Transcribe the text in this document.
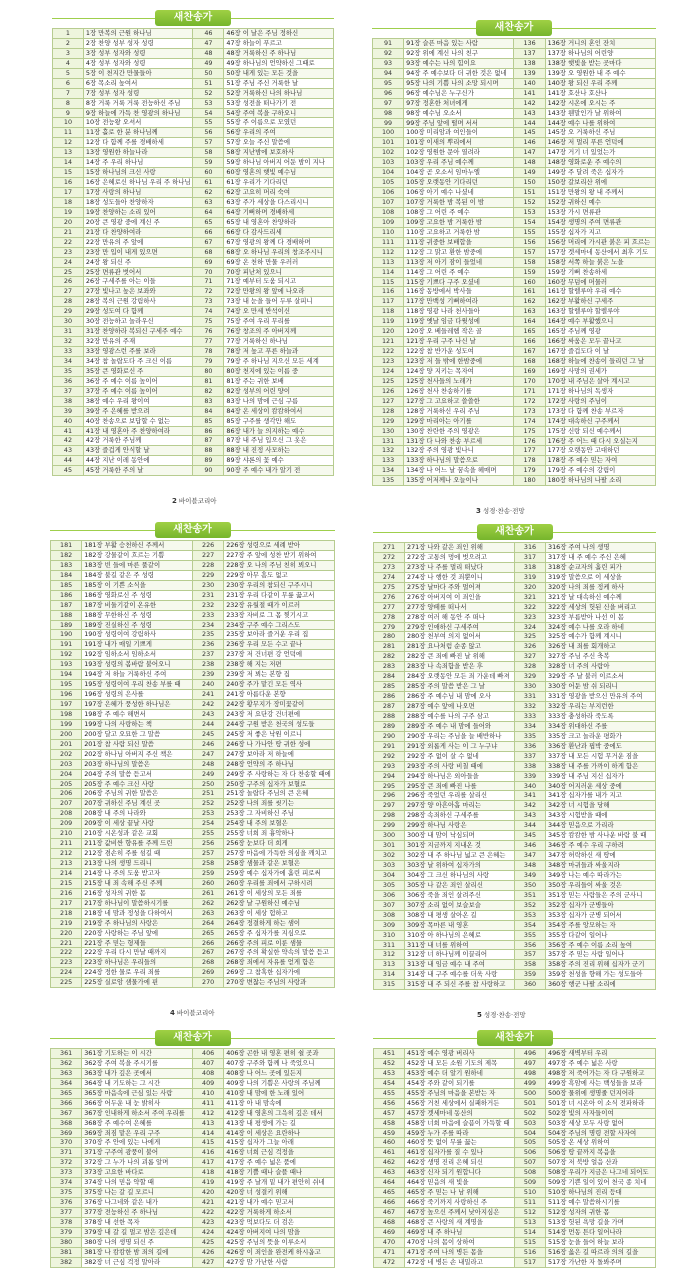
새찬송가
1	1장 만복의 근원 하나님	46	46장 이 날은 주님 정하신
2	2장 찬양 성부 성자 성령	47	47장 하늘이 푸르고
3	3장 성부 성자와 성령	48	48장 거룩하신 주 하나님
4	4장 성부 성자와 성령	49	49장 하나님의 언약하신 그때로
5	5장 이 천지간 만물들아	50	50장 내게 있는 모든 것을
6	6장 목소리 높여서	51	51장 주님 주신 거룩한 날
7	7장 성부 성자 성령	52	52장 거룩하신 나의 하나님
8	8장 거룩 거룩 거룩 전능하신 주님	53	53장 성전을 떠나가기 전
9	9장 하늘에 가득 찬 영광의 하나님	54	54장 주여 복을 구하오니
10	10장 전능왕 오셔서	55	55장 주 이름으로 모였던
11	11장 홀로 한 분 하나님께	56	56장 우리의 주여
12	12장 다 함께 주를 경배하세	57	57장 오늘 주신 말씀에
13	13장 영원한 하늘나라	58	58장 지난밤에 보호하사
14	14장 주 우리 하나님	59	59장 하나님 아버지 어둔 밤이 지나
15	15장 하나님의 크신 사랑	60	60장 영혼의 햇빛 예수님
16	16장 은혜로신 하나님 우리 주 하나님	61	61장 우리가 기다리던
17	17장 사랑의 하나님	62	62장 고요히 머리 숙여
18	18장 성도들아 찬양하자	63	63장 주가 세상을 다스리시니
19	19장 찬양하는 소리 있어	64	64장 기뻐하며 경배하세
20	20장 큰 영광 중에 계신 주	65	65장 내 영혼아 찬양하라
21	21장 다 찬양하여라	66	66장 다 감사드리세
22	22장 만유의 주 앞에	67	67장 영광의 왕께 다 경배하며
23	23장 만 입이 내게 있으면	68	68장 오 하나님 우리의 창조주시니
24	24장 왕 되신 주	69	69장 온 천하 만물 우러러
25	25장 면류관 벗어서	70	70장 피난처 있으니
26	26장 구세주를 아는 이들	71	71장 예부터 도움 되시고
27	27장 빛나고 높은 보좌와	72	72장 만왕의 왕 앞에 나오라
28	28장 복의 근원 강림하사	73	73장 내 눈을 들어 두루 살피니
29	29장 성도여 다 함께	74	74장 오 만세 반석이신
30	30장 전능하고 놀라우신	75	75장 주여 우리 무리를
31	31장 찬양하라 복되신 구세주 예수	76	76장 창조의 주 아버지께
32	32장 만유의 주재	77	77장 거룩하신 하나님
33	33장 영광스런 주를 보라	78	78장 저 높고 푸른 하늘과
34	34장 참 놀랍도다 주 크신 이름	79	79장 주 하나님 지으신 모든 세계
35	35장 큰 영화로신 주	80	80장 천지에 있는 이름 중
36	36장 주 예수 이름 높이어	81	81장 주는 귀한 보배
37	37장 주 예수 이름 높이어	82	82장 성부의 어린 양이
38	38장 예수 우리 왕이여	83	83장 나의 맘에 근심 구름
39	39장 주 은혜를 받으려	84	84장 온 세상이 캄캄하여서
40	40장 찬송으로 보답할 수 없는	85	85장 구주를 생각만 해도
41	41장 내 영혼아 주 찬양하여라	86	86장 내가 늘 의지하는 예수
42	42장 거룩한 주님께	87	87장 내 주님 입으신 그 옷은
43	43장 즐겁게 안식할 날	88	88장 내 진정 사모하는
44	44장 지난 이레 동안에	89	89장 샤론의 꽃 예수
45	45장 거룩한 주의 날	90	90장 주 예수 내가 알기 전
2 바이블코리아
새찬송가
91	91장 슬픈 마음 있는 사람	136	136장 거니의 혼인 잔치
92	92장 위에 계신 나의 친구	137	137장 하나님의 어린양
93	93장 예수는 나의 힘이요	138	138장 햇빛을 받는 곳마다
94	94장 주 예수보다 더 귀한 것은 없네	139	139장 오 영원한 내 주 예수
95	95장 나의 기쁨 나의 소망 되시며	140	140장 왕 되신 우리 주께
96	96장 예수님은 누구신가	141	141장 호산나 호산나
97	97장 정혼한 처녀에게	142	142장 시온에 오시는 주
98	98장 예수님 오소서	143	143장 웬말인가 날 위하여
99	99장 주님 앞에 떨며 서서	144	144장 예수 나를 위하여
100	100장 미리암과 여인들이	145	145장 오 거룩하신 주님
101	101장 이새의 뿌리에서	146	146장 저 멀리 푸른 언덕에
102	102장 영원한 문아 열려라	147	147장 거기 너 있었는가
103	103장 우리 주님 예수께	148	148장 영화로운 주 예수의
104	104장 곧 오소서 임마누엘	149	149장 주 달려 죽은 십자가
105	105장 오랫동안 기다리던	150	150장 갈보리산 위에
106	106장 아기 예수 나셨네	151	151장 만왕의 왕 내 주께서
107	107장 거룩한 밤 복된 이 밤	152	152장 귀하신 예수
108	108장 그 어린 주 예수	153	153장 가시 면류관
109	109장 고요한 밤 거룩한 밤	154	154장 생명의 주여 면류관
110	110장 고요하고 거룩한 밤	155	155장 십자가 지고
111	111장 귀중한 보배합을	156	156장 머리에 가시관 붉은 피 흐르는
112	112장 그 맑고 환한 밤중에	157	157장 겟세마네 동산에서 최후 기도
113	113장 저 아기 잠이 들었네	158	158장 서쪽 하늘 붉은 노을
114	114장 그 어린 주 예수	159	159장 기뻐 찬송하세
115	115장 기쁘다 구주 오셨네	160	160장 무덤에 머물러
116	116장 동방에서 박사들	161	161장 할렐루야 우리 예수
117	117장 만백성 기뻐하여라	162	162장 부활하신 구세주
118	118장 영광 나라 천사들아	163	163장 할렐루야 할렐루야
119	119장 옛날 임금 다윗성에	164	164장 예수 부활했으니
120	120장 오 베들레헴 작은 골	165	165장 주님께 영광
121	121장 우리 구주 나신 날	166	166장 싸움은 모두 끝나고
122	122장 참 반가운 성도여	167	167장 즐겁도다 이 날
123	123장 저 들 밖에 한밤중에	168	168장 하늘에 찬송이 들리던 그 날
124	124장 양 지키는 목자여	169	169장 사망의 권세가
125	125장 천사들의 노래가	170	170장 내 주님은 살아 계시고
126	126장 천사 찬송하기를	171	171장 하나님의 독생자
127	127장 그 고요하고 쓸쓸한	172	172장 사랑의 주님이
128	128장 거룩하신 우리 주님	173	173장 다 함께 찬송 부르자
129	129장 마리아는 아기를	174	174장 대속하신 구주께서
130	130장 찬란한 주의 영광은	175	175장 신랑 되신 예수께서
131	131장 다 나와 찬송 부르세	176	176장 주 어느 때 다시 오실는지
132	132장 주의 영광 빛나니	177	177장 오랫동안 고대하던
133	133장 하나님의 말씀으로	178	178장 주 예수 믿는 자여
134	134장 나 어느 날 꿈속을 헤매며	179	179장 주 예수의 강림이
135	135장 어저께나 오늘이나	180	180장 하나님의 나팔 소리
3 성경·찬송·전망
새찬송가
181	181장 부활 승천하신 주께서	226	226장 성령으로 세례 받아
182	182장 강물같이 흐르는 기쁨	227	227장 주 앞에 성찬 받기 위하여
183	183장 빈 들에 마른 풀같이	228	228장 오 나의 주님 친히 뵈오니
184	184장 불길 같은 주 성령	229	229장 아무 흠도 없고
185	185장 이 기쁜 소식을	230	230장 우리의 참되신 구주시니
186	186장 영화로신 주 성령	231	231장 우리 다같이 무릎 꿇고서
187	187장 비둘기같이 온유한	232	232장 유월절 때가 이르러
188	188장 무한하신 주 성령	233	233장 자비로 그 몸 찢기시고
189	189장 진실하신 주 성령	234	234장 구주 예수 그리스도
190	190장 성령이여 강림하사	235	235장 보아라 즐거운 우리 집
191	191장 내가 매일 기쁘게	236	236장 우리 모든 수고 끝나
192	192장 임하소서 임하소서	237	237장 저 건너편 강 언덕에
193	193장 성령의 봄바람 불어오니	238	238장 해 지는 저편
194	194장 저 하늘 거룩하신 주여	239	239장 저 뵈는 본향 집
195	195장 성령이여 우리 찬송 부를 때	240	240장 주가 맡긴 모든 역사
196	196장 성령의 은사를	241	241장 아름다운 본향
197	197장 은혜가 풍성한 하나님은	242	242장 황무지가 장미꽃같이
198	198장 주 예수 해변서	243	243장 저 요단강 건너편에
199	199장 나의 사랑하는 책	244	244장 구원 받은 천국의 성도들
200	200장 달고 오묘한 그 말씀	245	245장 저 좋은 낙원 이르니
201	201장 참 사람 되신 말씀	246	246장 나 가나안 땅 귀한 성에
202	202장 하나님 아버지 주신 책은	247	247장 보아라 저 하늘에
203	203장 하나님의 말씀은	248	248장 언약의 주 하나님
204	204장 주의 말씀 듣고서	249	249장 주 사랑하는 자 다 찬송할 때에
205	205장 주 예수 크신 사랑	250	250장 구주의 십자가 보혈로
206	206장 주님의 귀한 말씀은	251	251장 놀랍다 주님의 큰 은혜
207	207장 귀하신 주님 계신 곳	252	252장 나의 죄를 씻기는
208	208장 내 주의 나라와	253	253장 그 자비하신 주님
209	209장 이 세상 끝날 사랑	254	254장 내 주의 보혈은
210	210장 시온성과 같은 교회	255	255장 너희 죄 흉악하나
211	211장 값비싼 향유를 주께 드린	256	256장 눈보다 더 희게
212	212장 겸손히 주를 섬길 때	257	257장 마음에 가득한 의심을 깨치고
213	213장 나의 생명 드리니	258	258장 샘물과 같은 보혈은
214	214장 나 주의 도움 받고자	259	259장 예수 십자가에 흘린 피로써
215	215장 내 죄 속해 주신 주께	260	260장 우리를 죄에서 구하시려
216	216장 성자의 귀한 몸	261	261장 이 세상의 모든 죄를
217	217장 하나님이 말씀하시기를	262	262장 날 구원하신 예수님
218	218장 네 맘과 정성을 다하여서	263	263장 이 세상 험하고
219	219장 주 하나님의 사랑은	264	264장 정결하게 하는 샘이
220	220장 사랑하는 주님 앞에	265	265장 주 십자가를 지심으로
221	221장 주 믿는 형제들	266	266장 주의 피로 이룬 샘물
222	222장 우리 다시 만날 때까지	267	267장 주의 확실한 약속의 말씀 듣고
223	223장 하나님은 우리들의	268	268장 죄에서 자유를 얻게 함은
224	224장 정한 물로 우리 죄를	269	269장 그 참혹한 십자가에
225	225장 실로암 샘물가에 핀	270	270장 변찮는 주님의 사랑과
4 바이블코리아
새찬송가
271	271장 나와 같은 죄인 위해	316	316장 주여 나의 생명
272	272장 고통의 멍에 벗으려고	317	317장 내 주 예수 주신 은혜
273	273장 나 주를 멀리 떠났다	318	318장 순교자의 흘린 피가
274	274장 나 행한 것 죄뿐이니	319	319장 말씀으로 이 세상을
275	275장 날마다 주와 멀어져	320	320장 나의 죄를 정케 하사
276	276장 아버지여 이 죄인을	321	321장 날 대속하신 예수께
277	277장 양떼를 떠나서	322	322장 세상의 헛된 신을 버리고
278	278장 여러 해 동안 주 떠나	323	323장 부름받아 나선 이 몸
279	279장 인애하신 구세주여	324	324장 예수 나를 오라 하네
280	280장 천부여 의지 없어서	325	325장 예수가 함께 계시니
281	281장 요나처럼 순종 않고	326	326장 내 죄를 회개하고
282	282장 큰 죄에 빠진 날 위해	327	327장 주님 주신 축복
283	283장 나 속죄함을 받은 후	328	328장 너 주의 사람아
284	284장 오랫동안 모든 죄 가운데 빠져	329	329장 주 날 불러 이르소서
285	285장 주의 말씀 받은 그 날	330	330장 어둔 밤 쉬 되리니
286	286장 주 예수님 내 맘에 오사	331	331장 영광을 받으신 만유의 주여
287	287장 예수 앞에 나오면	332	332장 우리는 부지런한
288	288장 예수를 나의 구주 삼고	333	333장 충성하라 죽도록
289	289장 주 예수 내 맘에 들어와	334	334장 위대하신 주를
290	290장 우리는 주님을 늘 배반하나	335	335장 크고 놀라운 평화가
291	291장 외롭게 사는 이 그 누구냐	336	336장 환난과 핍박 중에도
292	292장 주 없이 살 수 없네	337	337장 내 모든 시험 무거운 짐을
293	293장 주의 사랑 비칠 때에	338	338장 내 주를 가까이 하게 함은
294	294장 하나님은 외아들을	339	339장 내 주님 지신 십자가
295	295장 큰 죄에 빠진 나를	340	340장 어지러운 세상 중에
296	296장 죽었던 우리를 살리신	341	341장 십자가를 내가 지고
297	297장 양 아흔아홉 마리는	342	342장 너 시험을 당해
298	298장 속죄하신 구세주를	343	343장 시험받을 때에
299	299장 하나님 사랑은	344	344장 믿음으로 가리라
300	300장 내 맘이 낙심되며	345	345장 캄캄한 밤 사나운 바람 불 때
301	301장 지금까지 지내온 것	346	346장 주 예수 우리 구하려
302	302장 내 주 하나님 넓고 큰 은혜는	347	347장 허락하신 새 땅에
303	303장 날 위하여 십자가의	348	348장 마귀들과 싸울지라
304	304장 그 크신 하나님의 사랑	349	349장 나는 예수 따라가는
305	305장 나 같은 죄인 살리신	350	350장 우리들이 싸울 것은
306	306장 죽을 죄인 살려주신	351	351장 믿는 사람들은 주의 군사니
307	307장 소리 없이 보슬보슬	352	352장 십자가 군병들아
308	308장 내 평생 살아온 길	353	353장 십자가 군병 되어서
309	309장 목마른 내 영혼	354	354장 주를 앙모하는 자
310	310장 아 하나님의 은혜로	355	355장 다같이 일어나
311	311장 내 너를 위하여	356	356장 주 예수 이름 소리 높여
312	312장 너 하나님께 이끌리어	357	357장 주 믿는 사람 일어나
313	313장 내 임금 예수 내 주여	358	358장 주의 진리 위해 십자가 군기
314	314장 내 구주 예수를 더욱 사랑	359	359장 천성을 향해 가는 성도들아
315	315장 내 주 되신 주를 참 사랑하고	360	360장 행군 나팔 소리에
5 성경·찬송·전망
새찬송가
361	361장 기도하는 이 시간	406	406장 곤한 내 영혼 편히 쉴 곳과
362	362장 주여 복을 주시기를	407	407장 구주와 함께 나 죽었으니
363	363장 내가 깊은 곳에서	408	408장 나 어느 곳에 있든지
364	364장 내 기도하는 그 시간	409	409장 나의 기쁨은 사랑의 주님께
365	365장 마음속에 근심 있는 사람	410	410장 내 맘에 한 노래 있어
366	366장 어두운 내 눈 밝히사	411	411장 아 내 맘속에
367	367장 인내하게 하소서 주여 우리를	412	412장 내 영혼의 그윽히 깊은 데서
368	368장 주 예수여 은혜를	413	413장 내 평생에 가는 길
369	369장 죄짐 맡은 우리 구주	414	414장 이 세상은 요란하나
370	370장 주 안에 있는 나에게	415	415장 십자가 그늘 아래
371	371장 구주여 광풍이 불어	416	416장 너희 근심 걱정을
372	372장 그 누가 나의 괴롬 알며	417	417장 주 예수 넓은 품에
373	373장 고요한 바다로	418	418장 기쁠 때나 슬플 때나
374	374장 나의 믿음 약할 때	419	419장 주 날개 밑 내가 편안히 쉬네
375	375장 나는 갈 길 모르니	420	420장 너 성결키 위해
376	376장 나그네와 같은 내가	421	421장 내가 예수 믿고서
377	377장 전능하신 주 하나님	422	422장 거룩하게 하소서
378	378장 내 선한 목자	423	423장 먹보다도 더 검은
379	379장 내 갈 길 멀고 밤은 깊은데	424	424장 아버지여 나의 맘을
380	380장 나의 생명 되신 주	425	425장 주님의 뜻을 이루소서
381	381장 나 캄캄한 밤 죄의 길에	426	426장 이 죄인을 완전케 하시옵고
382	382장 너 근심 걱정 말아라	427	427장 맘 가난한 사람
새찬송가
451	451장 예수 영광 버리사	496	496장 새벽부터 우리
452	452장 내 모든 소원 기도의 제목	497	497장 주 예수 넓은 사랑
453	453장 예수 더 알기 원하네	498	498장 저 죽어가는 자 다 구원하고
454	454장 주와 같이 되기를	499	499장 흑암에 사는 백성들을 보라
455	455장 주님의 마음을 본받는 자	500	500장 물위에 생명줄 던지어라
456	456장 거친 세상에서 실패하거든	501	501장 너 시온아 이 소식 전파하라
457	457장 겟세마네 동산의	502	502장 빛의 사자들이여
458	458장 너희 마음에 슬픔이 가득할 때	503	503장 세상 모두 사랑 없어
459	459장 누가 주를 따라	504	504장 주님의 명령 전할 사자여
460	460장 뜻 없이 무릎 꿇는	505	505장 온 세상 위하여
461	461장 십자가를 질 수 있나	506	506장 땅 끝까지 복음을
462	462장 생명 진리 은혜 되신	507	507장 저 북방 얼음 산과
463	463장 신자 되기 원합니다	508	508장 우리가 지금은 나그네 되어도
464	464장 믿음의 새 빛을	509	509장 기쁜 일이 있어 천국 종 치네
465	465장 주 믿는 나 남 위해	510	510장 하나님의 진리 등대
466	466장 죽기까지 사랑하신 주	511	511장 예수 말씀하시기를
467	467장 높으신 주께서 낮아지심은	512	512장 성자의 귀한 몸
468	468장 큰 사랑의 새 계명을	513	513장 헛된 욕망 길을 가며
469	469장 내 주 하나님	514	514장 먼동 튼다 일어나라
470	470장 나의 몸이 상하여	515	515장 눈을 들어 하늘 보라
471	471장 주여 나의 병든 몸을	516	516장 옳은 길 따르라 의의 길을
472	472장 네 병든 손 내밀라고	517	517장 가난한 자 돌봐주며
